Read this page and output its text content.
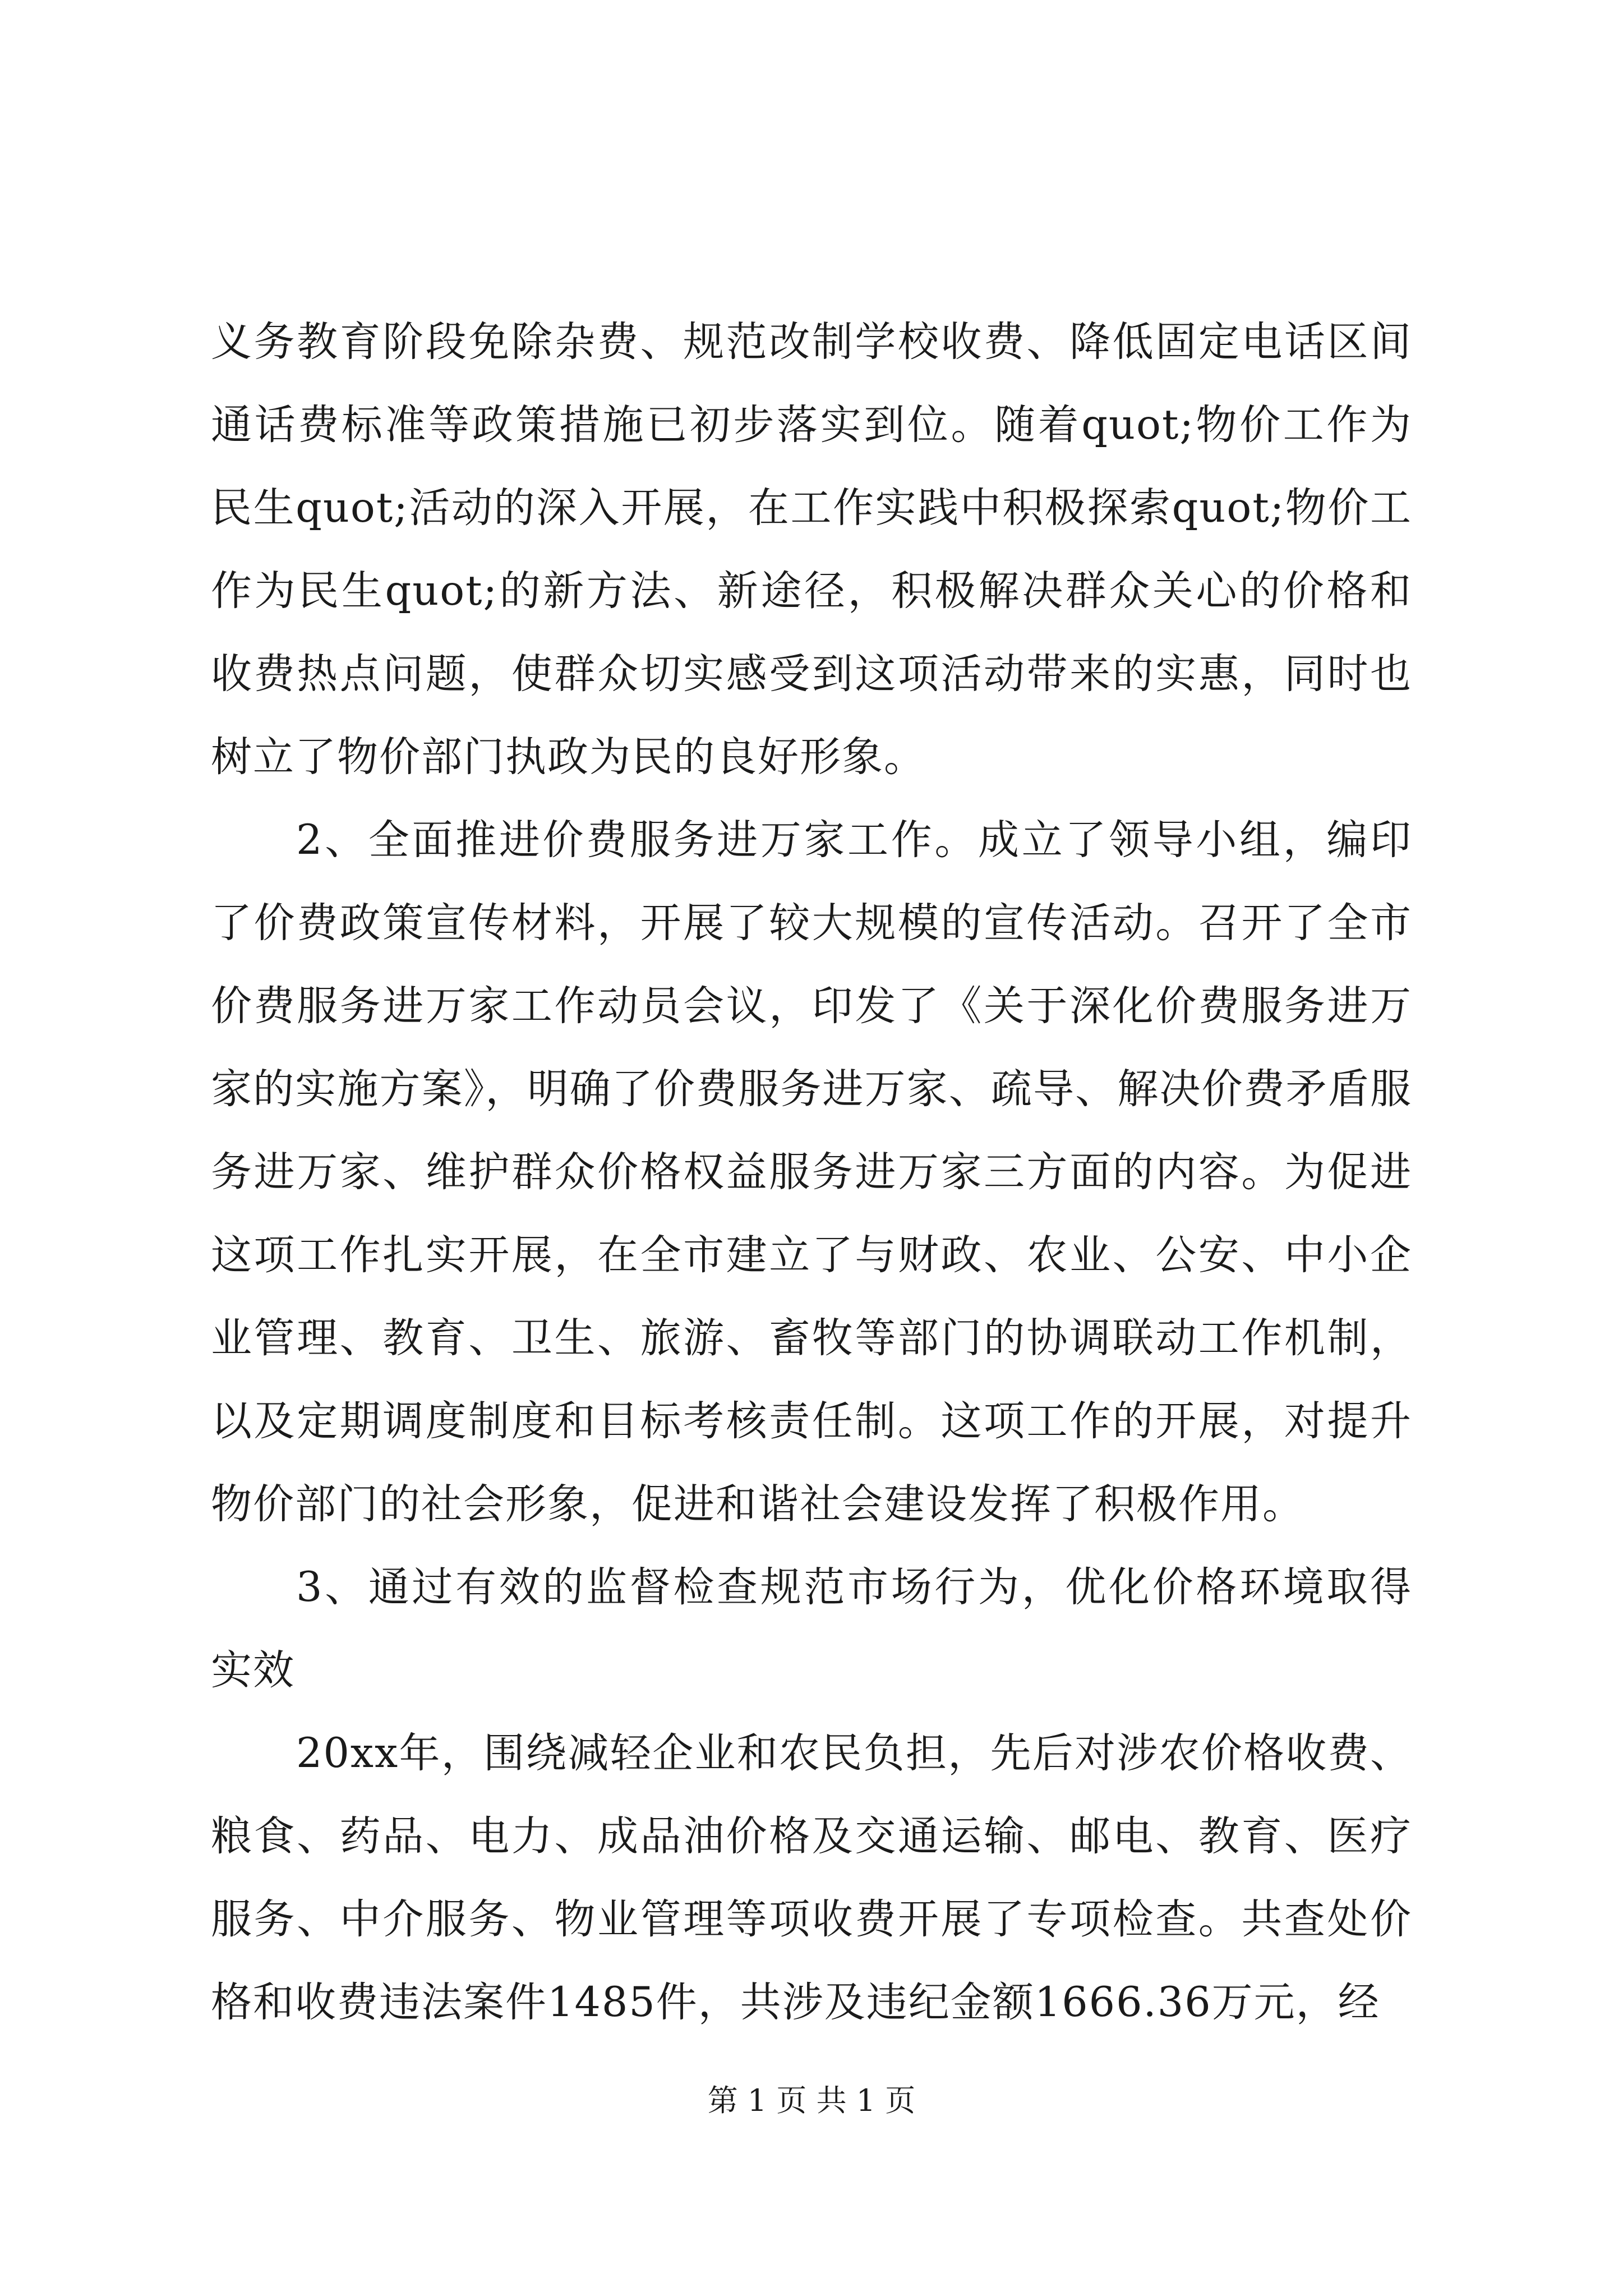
义务教育阶段免除杂费、规范改制学校收费、降低固定电话区间通话费标准等政策措施已初步落实到位。随着quot;物价工作为民生quot;活动的深入开展，在工作实践中积极探索quot;物价工作为民生quot;的新方法、新途径，积极解决群众关心的价格和收费热点问题，使群众切实感受到这项活动带来的实惠，同时也树立了物价部门执政为民的良好形象。

2、全面推进价费服务进万家工作。成立了领导小组，编印了价费政策宣传材料，开展了较大规模的宣传活动。召开了全市价费服务进万家工作动员会议，印发了《关于深化价费服务进万家的实施方案》，明确了价费服务进万家、疏导、解决价费矛盾服务进万家、维护群众价格权益服务进万家三方面的内容。为促进这项工作扎实开展，在全市建立了与财政、农业、公安、中小企业管理、教育、卫生、旅游、畜牧等部门的协调联动工作机制，以及定期调度制度和目标考核责任制。这项工作的开展，对提升物价部门的社会形象，促进和谐社会建设发挥了积极作用。

3、通过有效的监督检查规范市场行为，优化价格环境取得实效

20xx年，围绕减轻企业和农民负担，先后对涉农价格收费、粮食、药品、电力、成品油价格及交通运输、邮电、教育、医疗服务、中介服务、物业管理等项收费开展了专项检查。共查处价格和收费违法案件1485件，共涉及违纪金额1666.36万元，经

第 1 页 共 1 页
